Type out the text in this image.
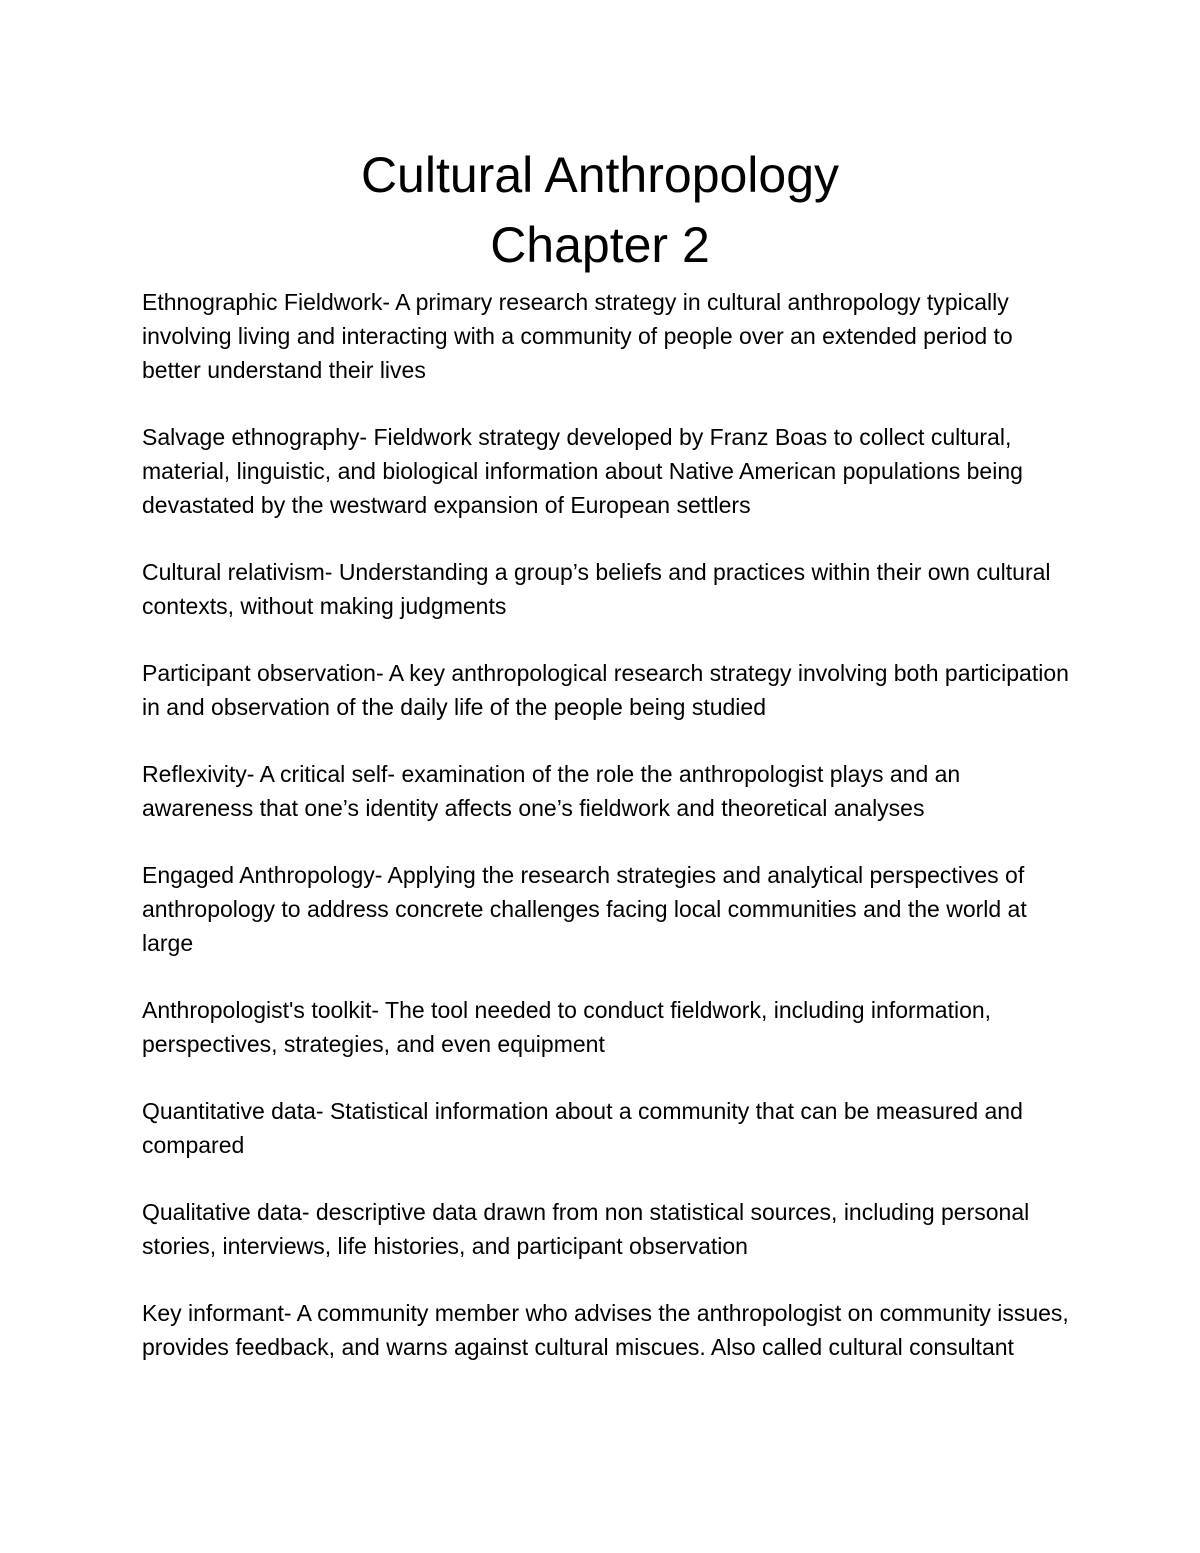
Cultural Anthropology
Chapter 2

Ethnographic Fieldwork- A primary research strategy in cultural anthropology typically involving living and interacting with a community of people over an extended period to better understand their lives

Salvage ethnography- Fieldwork strategy developed by Franz Boas to collect cultural, material, linguistic, and biological information about Native American populations being devastated by the westward expansion of European settlers

Cultural relativism- Understanding a group’s beliefs and practices within their own cultural contexts, without making judgments

Participant observation- A key anthropological research strategy involving both participation in and observation of the daily life of the people being studied

Reflexivity- A critical self- examination of the role the anthropologist plays and an awareness that one’s identity affects one’s fieldwork and theoretical analyses

Engaged Anthropology- Applying the research strategies and analytical perspectives of anthropology to address concrete challenges facing local communities and the world at large

Anthropologist's toolkit- The tool needed to conduct fieldwork, including information, perspectives, strategies, and even equipment

Quantitative data- Statistical information about a community that can be measured and compared

Qualitative data- descriptive data drawn from non statistical sources, including personal stories, interviews, life histories, and participant observation

Key informant- A community member who advises the anthropologist on community issues, provides feedback, and warns against cultural miscues. Also called cultural consultant
